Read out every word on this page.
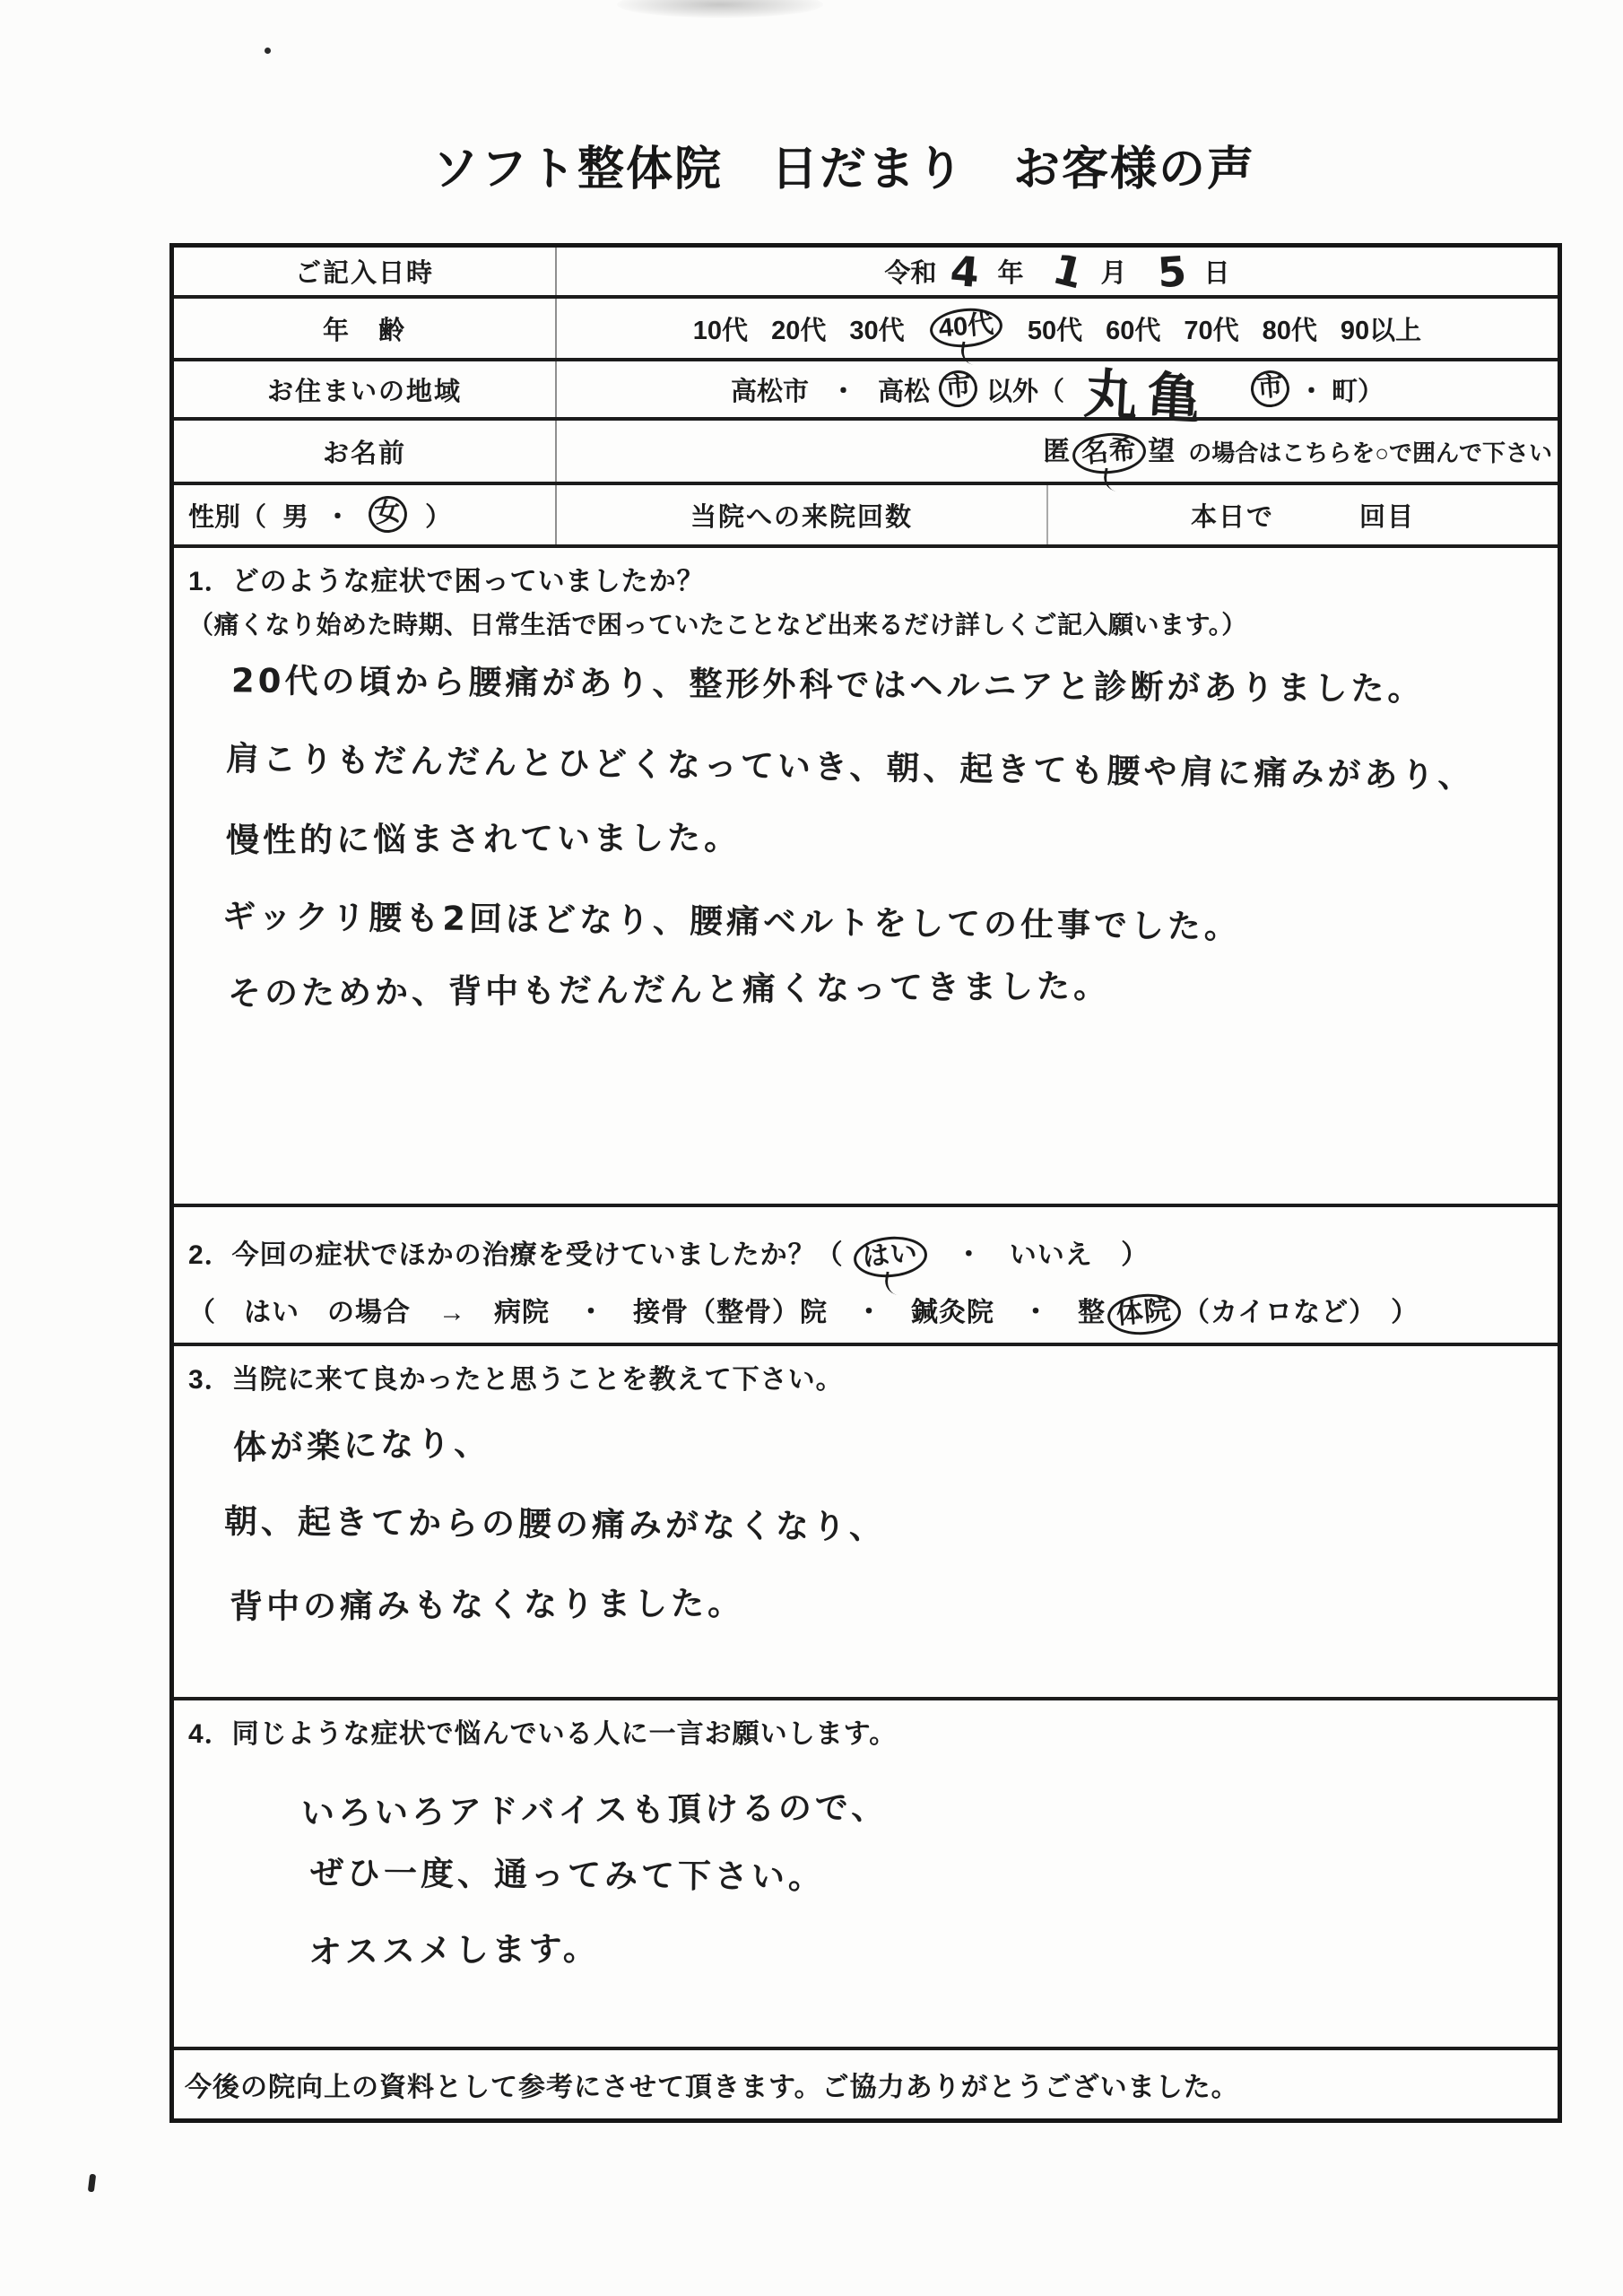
ソフト整体院　日だまり　お客様の声
ご記入日時	令和 4 年 1 月 5 日
年　齢	10代 20代 30代	40代	50代 60代 70代 80代 90以上
お住まいの地域	高松市 ・ 高松 市 以外（ 丸亀 市 ・ 町）
お名前	匿 名希 望 の場合はこちらを○で囲んで下さい
性別（ 男 ・ 女 ）	当院への来院回数	本日で	回目
1．どのような症状で困っていましたか？
（痛くなり始めた時期、日常生活で困っていたことなど出来るだけ詳しくご記入願います。）
20代の頃から腰痛があり、整形外科ではヘルニアと診断がありました。
肩こりもだんだんとひどくなっていき、朝、起きても腰や肩に痛みがあり、
慢性的に悩まされていました。
ギックリ腰も2回ほどなり、腰痛ベルトをしての仕事でした。
そのためか、背中もだんだんと痛くなってきました。
2．今回の症状でほかの治療を受けていましたか？（ はい ・ いいえ ）
（　はい　の場合　→　病院　・　接骨（整骨）院　・　鍼灸院　・　整 体院 （カイロなど）　）
3．当院に来て良かったと思うことを教えて下さい。
体が楽になり、
朝、起きてからの腰の痛みがなくなり、
背中の痛みもなくなりました。
4．同じような症状で悩んでいる人に一言お願いします。
いろいろアドバイスも頂けるので、
ぜひ一度、通ってみて下さい。
オススメします。
今後の院向上の資料として参考にさせて頂きます。ご協力ありがとうございました。
